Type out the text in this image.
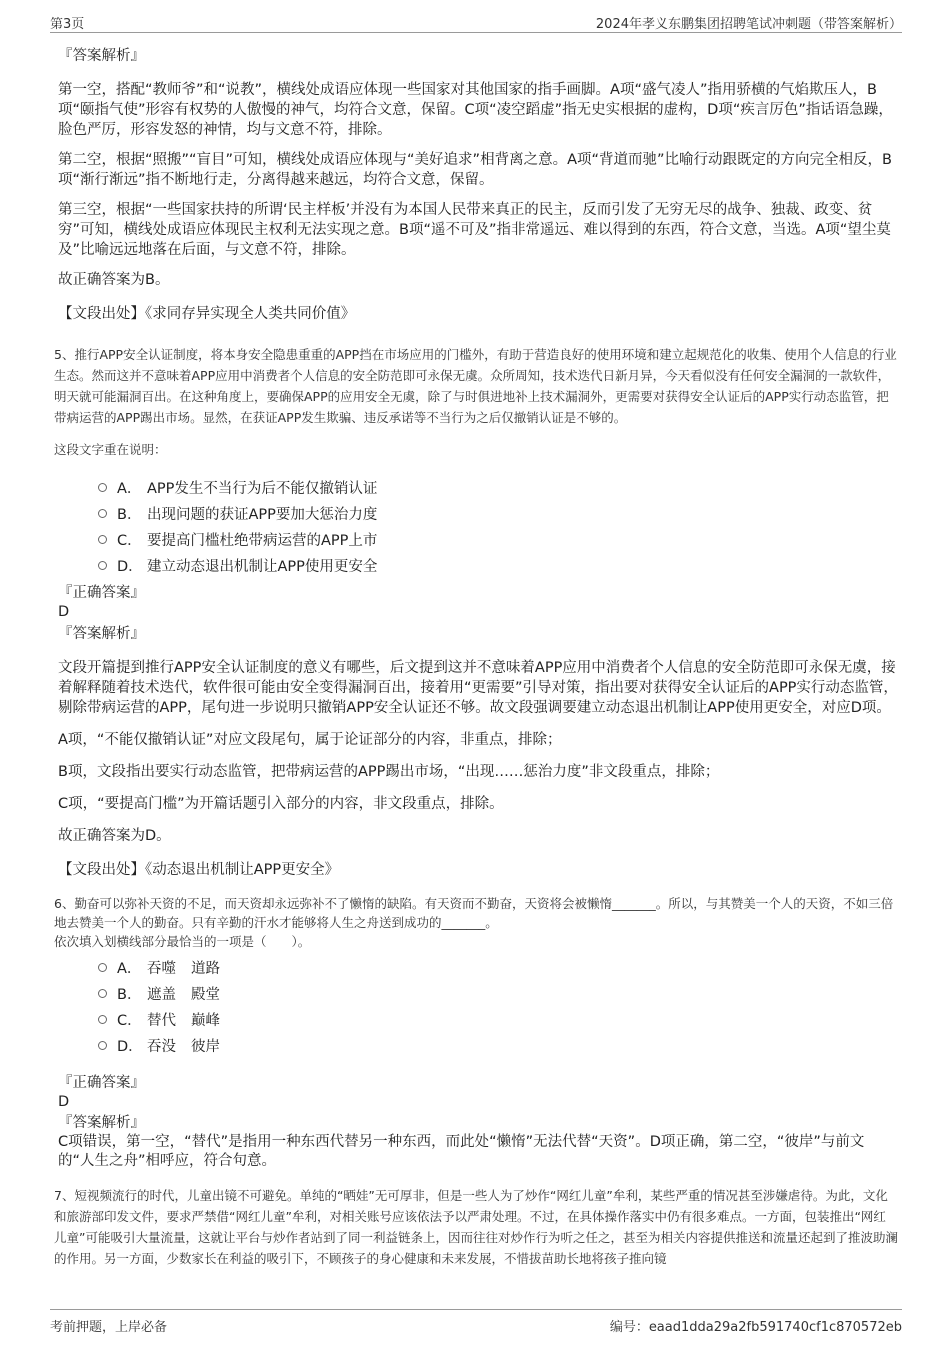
第3页	2024年孝义东鹏集团招聘笔试冲刺题（带答案解析）
『答案解析』

第一空，搭配“教师爷”和“说教”，横线处成语应体现一些国家对其他国家的指手画脚。A项“盛气凌人”指用骄横的气焰欺压人，B项“颐指气使”形容有权势的人傲慢的神气，均符合文意，保留。C项“凌空蹈虚”指无史实根据的虚构，D项“疾言厉色”指话语急躁，脸色严厉，形容发怒的神情，均与文意不符，排除。

第二空，根据“照搬”“盲目”可知，横线处成语应体现与“美好追求”相背离之意。A项“背道而驰”比喻行动跟既定的方向完全相反，B项“渐行渐远”指不断地行走，分离得越来越远，均符合文意，保留。

第三空，根据“一些国家扶持的所谓‘民主样板’并没有为本国人民带来真正的民主，反而引发了无穷无尽的战争、独裁、政变、贫穷”可知，横线处成语应体现民主权利无法实现之意。B项“遥不可及”指非常遥远、难以得到的东西，符合文意，当选。A项“望尘莫及”比喻远远地落在后面，与文意不符，排除。

故正确答案为B。

【文段出处】《求同存异实现全人类共同价值》

5、推行APP安全认证制度，将本身安全隐患重重的APP挡在市场应用的门槛外，有助于营造良好的使用环境和建立起规范化的收集、使用个人信息的行业生态。然而这并不意味着APP应用中消费者个人信息的安全防范即可永保无虞。众所周知，技术迭代日新月异，今天看似没有任何安全漏洞的一款软件，明天就可能漏洞百出。在这种角度上，要确保APP的应用安全无虞，除了与时俱进地补上技术漏洞外，更需要对获得安全认证后的APP实行动态监管，把带病运营的APP踢出市场。显然，在获证APP发生欺骗、违反承诺等不当行为之后仅撤销认证是不够的。

这段文字重在说明：
A． APP发生不当行为后不能仅撤销认证
B． 出现问题的获证APP要加大惩治力度
C． 要提高门槛杜绝带病运营的APP上市
D． 建立动态退出机制让APP使用更安全
『正确答案』
D
『答案解析』

文段开篇提到推行APP安全认证制度的意义有哪些，后文提到这并不意味着APP应用中消费者个人信息的安全防范即可永保无虞，接着解释随着技术迭代，软件很可能由安全变得漏洞百出，接着用“更需要”引导对策，指出要对获得安全认证后的APP实行动态监管，剔除带病运营的APP，尾句进一步说明只撤销APP安全认证还不够。故文段强调要建立动态退出机制让APP使用更安全，对应D项。

A项，“不能仅撤销认证”对应文段尾句，属于论证部分的内容，非重点，排除；

B项，文段指出要实行动态监管，把带病运营的APP踢出市场，“出现……惩治力度”非文段重点，排除；

C项，“要提高门槛”为开篇话题引入部分的内容，非文段重点，排除。

故正确答案为D。

【文段出处】《动态退出机制让APP更安全》

6、勤奋可以弥补天资的不足，而天资却永远弥补不了懒惰的缺陷。有天资而不勤奋，天资将会被懒惰_______。所以，与其赞美一个人的天资，不如三倍地去赞美一个人的勤奋。只有辛勤的汗水才能够将人生之舟送到成功的_______。

依次填入划横线部分最恰当的一项是（　　）。
A． 吞噬	道路
B． 遮盖	殿堂
C． 替代	巅峰
D． 吞没	彼岸
『正确答案』
D
『答案解析』

C项错误，第一空，“替代”是指用一种东西代替另一种东西，而此处“懒惰”无法代替“天资”。D项正确，第二空，“彼岸”与前文的“人生之舟”相呼应，符合句意。

7、短视频流行的时代，儿童出镜不可避免。单纯的“晒娃”无可厚非，但是一些人为了炒作“网红儿童”牟利，某些严重的情况甚至涉嫌虐待。为此，文化和旅游部印发文件，要求严禁借“网红儿童”牟利，对相关账号应该依法予以严肃处理。不过，在具体操作落实中仍有很多难点。一方面，包装推出“网红儿童”可能吸引大量流量，这就让平台与炒作者站到了同一利益链条上，因而往往对炒作行为听之任之，甚至为相关内容提供推送和流量还起到了推波助澜的作用。另一方面，少数家长在利益的吸引下，不顾孩子的身心健康和未来发展，不惜拔苗助长地将孩子推向镜

考前押题，上岸必备	编号：eaad1dda29a2fb591740cf1c870572eb
